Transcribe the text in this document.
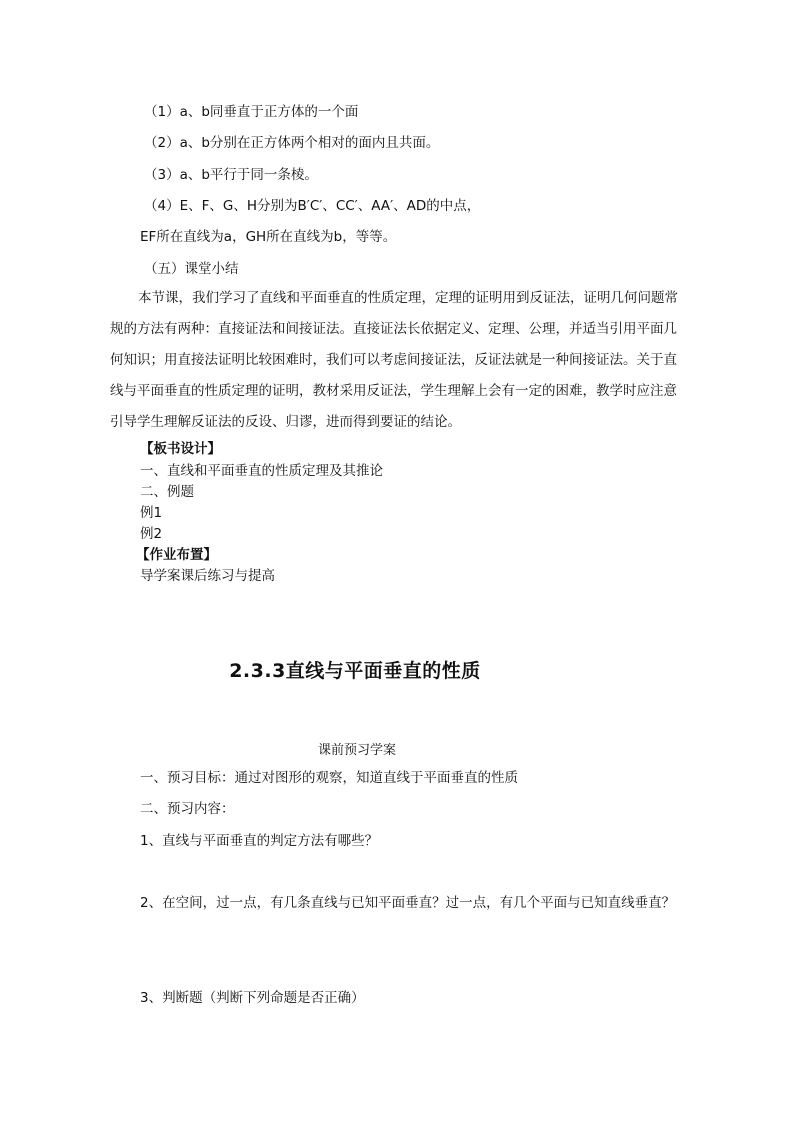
（1）a、b同垂直于正方体的一个面
（2）a、b分别在正方体两个相对的面内且共面。
（3）a、b平行于同一条棱。
（4）E、F、G、H分别为B′C′、CC′、AA′、AD的中点，
EF所在直线为a，GH所在直线为b，等等。
（五）课堂小结
本节课，我们学习了直线和平面垂直的性质定理，定理的证明用到反证法，证明几何问题常规的方法有两种：直接证法和间接证法。直接证法长依据定义、定理、公理，并适当引用平面几何知识；用直接法证明比较困难时，我们可以考虑间接证法，反证法就是一种间接证法。关于直线与平面垂直的性质定理的证明，教材采用反证法，学生理解上会有一定的困难，教学时应注意引导学生理解反证法的反设、归谬，进而得到要证的结论。
【板书设计】
一、直线和平面垂直的性质定理及其推论
二、例题
例1
例2
【作业布置】
导学案课后练习与提高
2.3.3直线与平面垂直的性质
课前预习学案
一、预习目标：通过对图形的观察，知道直线于平面垂直的性质
二、预习内容：
1、直线与平面垂直的判定方法有哪些？
2、在空间，过一点，有几条直线与已知平面垂直？过一点，有几个平面与已知直线垂直？
3、判断题（判断下列命题是否正确）
